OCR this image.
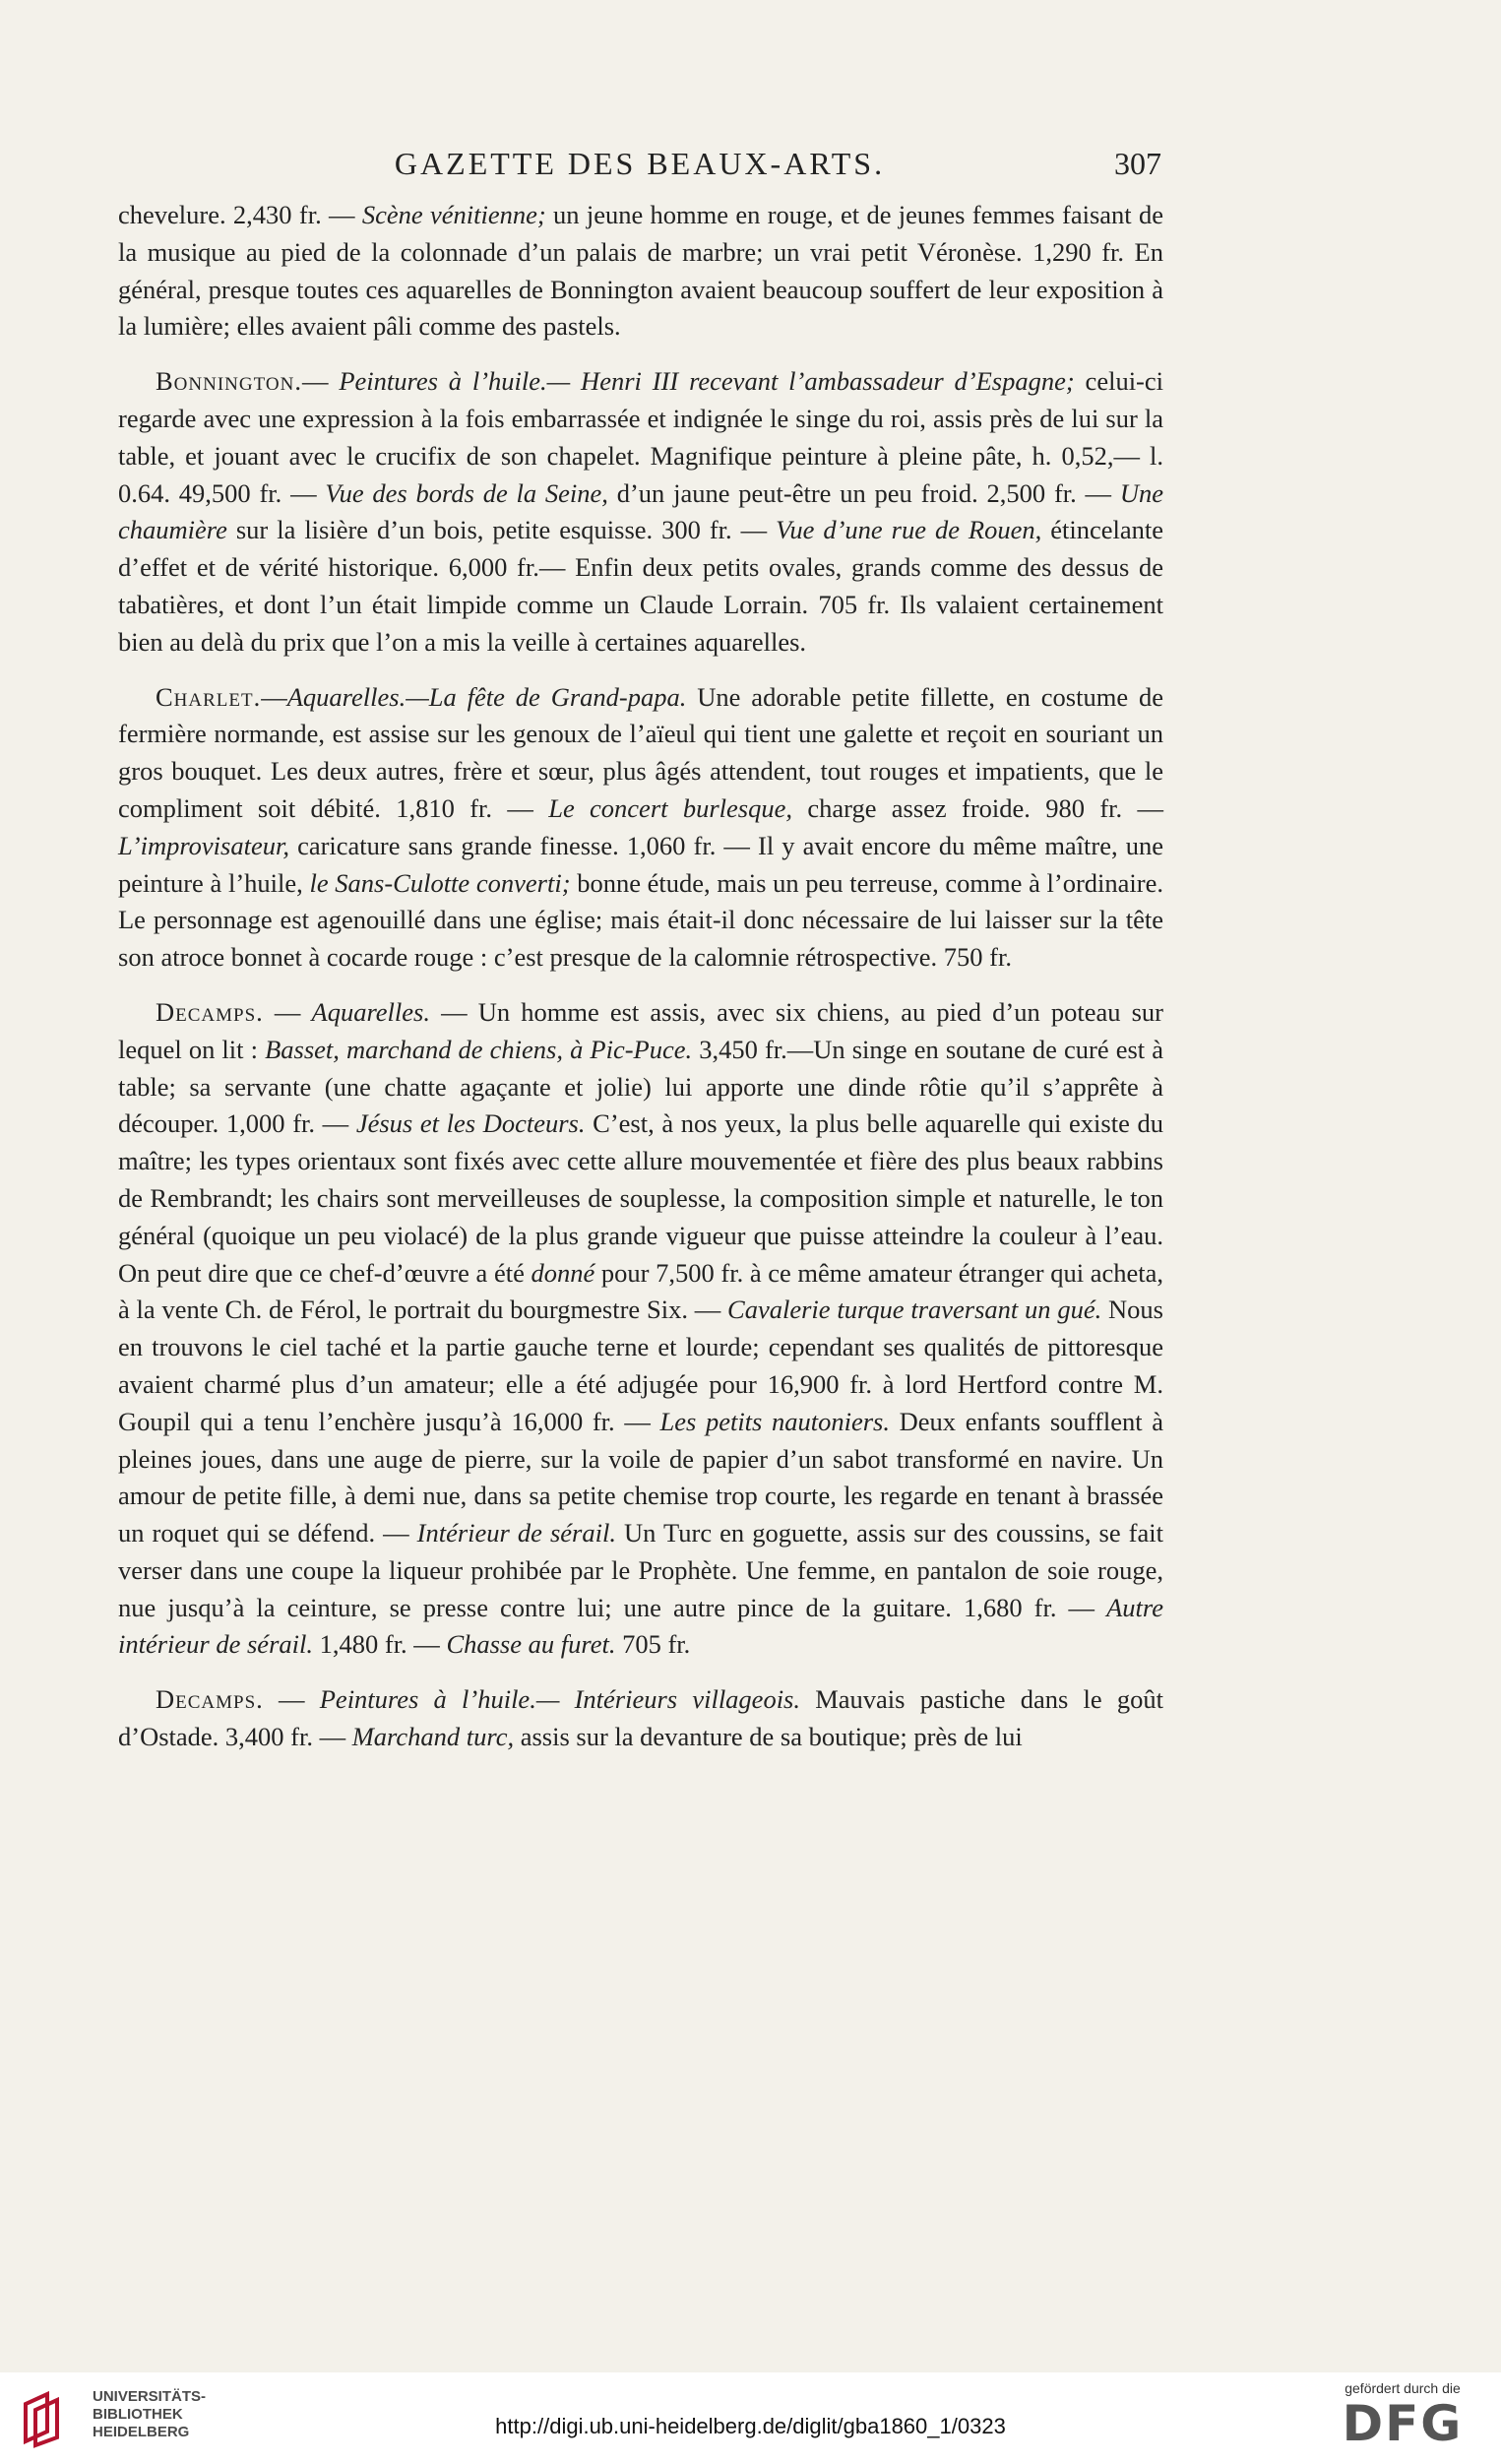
GAZETTE DES BEAUX-ARTS.	307

chevelure. 2,430 fr. — Scène vénitienne; un jeune homme en rouge, et de jeunes femmes faisant de la musique au pied de la colonnade d’un palais de marbre; un vrai petit Véronèse. 1,290 fr. En général, presque toutes ces aquarelles de Bonnington avaient beaucoup souffert de leur exposition à la lumière; elles avaient pâli comme des pastels.

Bonnington.— Peintures à l’huile.— Henri III recevant l’ambassadeur d’Espagne; celui-ci regarde avec une expression à la fois embarrassée et indignée le singe du roi, assis près de lui sur la table, et jouant avec le crucifix de son chapelet. Magnifique peinture à pleine pâte, h. 0,52,— l. 0.64. 49,500 fr. — Vue des bords de la Seine, d’un jaune peut-être un peu froid. 2,500 fr. — Une chaumière sur la lisière d’un bois, petite esquisse. 300 fr. — Vue d’une rue de Rouen, étincelante d’effet et de vérité historique. 6,000 fr.— Enfin deux petits ovales, grands comme des dessus de tabatières, et dont l’un était limpide comme un Claude Lorrain. 705 fr. Ils valaient certainement bien au delà du prix que l’on a mis la veille à certaines aquarelles.

Charlet.—Aquarelles.—La fête de Grand-papa. Une adorable petite fillette, en costume de fermière normande, est assise sur les genoux de l’aïeul qui tient une galette et reçoit en souriant un gros bouquet. Les deux autres, frère et sœur, plus âgés attendent, tout rouges et impatients, que le compliment soit débité. 1,810 fr. — Le concert burlesque, charge assez froide. 980 fr. — L’improvisateur, caricature sans grande finesse. 1,060 fr. — Il y avait encore du même maître, une peinture à l’huile, le Sans-Culotte converti; bonne étude, mais un peu terreuse, comme à l’ordinaire. Le personnage est agenouillé dans une église; mais était-il donc nécessaire de lui laisser sur la tête son atroce bonnet à cocarde rouge : c’est presque de la calomnie rétrospective. 750 fr.

Decamps. — Aquarelles. — Un homme est assis, avec six chiens, au pied d’un poteau sur lequel on lit : Basset, marchand de chiens, à Pic-Puce. 3,450 fr.—Un singe en soutane de curé est à table; sa servante (une chatte agaçante et jolie) lui apporte une dinde rôtie qu’il s’apprête à découper. 1,000 fr. — Jésus et les Docteurs. C’est, à nos yeux, la plus belle aquarelle qui existe du maître; les types orientaux sont fixés avec cette allure mouvementée et fière des plus beaux rabbins de Rembrandt; les chairs sont merveilleuses de souplesse, la composition simple et naturelle, le ton général (quoique un peu violacé) de la plus grande vigueur que puisse atteindre la couleur à l’eau. On peut dire que ce chef-d’œuvre a été donné pour 7,500 fr. à ce même amateur étranger qui acheta, à la vente Ch. de Férol, le portrait du bourgmestre Six. — Cavalerie turque traversant un gué. Nous en trouvons le ciel taché et la partie gauche terne et lourde; cependant ses qualités de pittoresque avaient charmé plus d’un amateur; elle a été adjugée pour 16,900 fr. à lord Hertford contre M. Goupil qui a tenu l’enchère jusqu’à 16,000 fr. — Les petits nautoniers. Deux enfants soufflent à pleines joues, dans une auge de pierre, sur la voile de papier d’un sabot transformé en navire. Un amour de petite fille, à demi nue, dans sa petite chemise trop courte, les regarde en tenant à brassée un roquet qui se défend. — Intérieur de sérail. Un Turc en goguette, assis sur des coussins, se fait verser dans une coupe la liqueur prohibée par le Prophète. Une femme, en pantalon de soie rouge, nue jusqu’à la ceinture, se presse contre lui; une autre pince de la guitare. 1,680 fr. — Autre intérieur de sérail. 1,480 fr. — Chasse au furet. 705 fr.

Decamps. — Peintures à l’huile.— Intérieurs villageois. Mauvais pastiche dans le goût d’Ostade. 3,400 fr. — Marchand turc, assis sur la devanture de sa boutique; près de lui

UNIVERSITÄTS-
BIBLIOTHEK
HEIDELBERG	http://digi.ub.uni-heidelberg.de/diglit/gba1860_1/0323
gefördert durch die
DFG
